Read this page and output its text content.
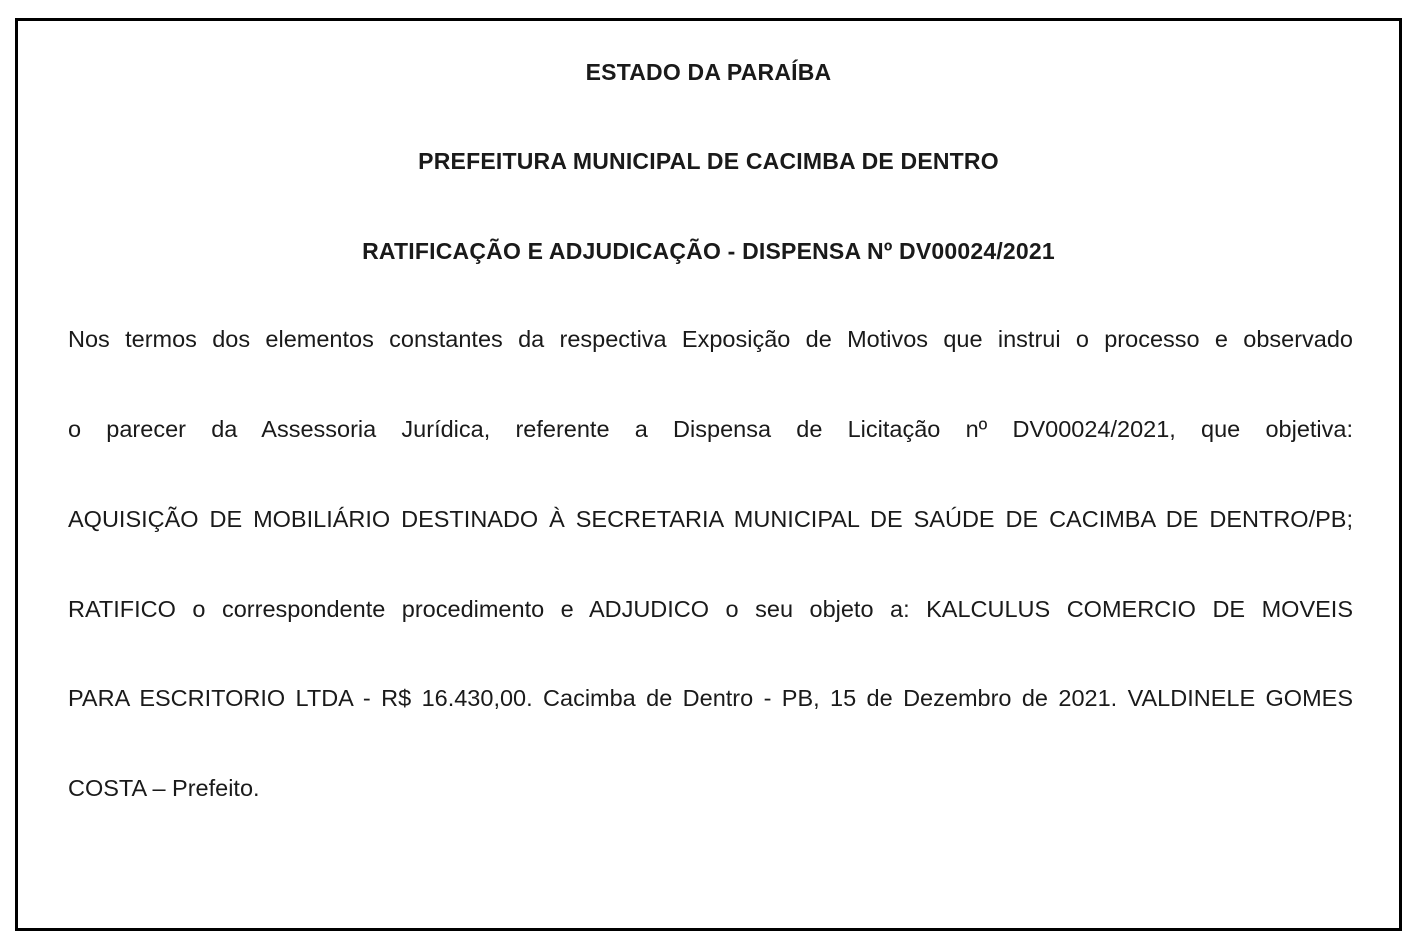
ESTADO DA PARAÍBA

PREFEITURA MUNICIPAL DE CACIMBA DE DENTRO

RATIFICAÇÃO E ADJUDICAÇÃO - DISPENSA Nº DV00024/2021

Nos termos dos elementos constantes da respectiva Exposição de Motivos que instrui o processo e observado

o parecer da Assessoria Jurídica, referente a Dispensa de Licitação nº DV00024/2021, que objetiva:

AQUISIÇÃO DE MOBILIÁRIO DESTINADO À SECRETARIA MUNICIPAL DE SAÚDE DE CACIMBA DE DENTRO/PB;

RATIFICO o correspondente procedimento e ADJUDICO o seu objeto a: KALCULUS COMERCIO DE MOVEIS

PARA ESCRITORIO LTDA - R$ 16.430,00. Cacimba de Dentro - PB, 15 de Dezembro de 2021. VALDINELE GOMES

COSTA – Prefeito.
